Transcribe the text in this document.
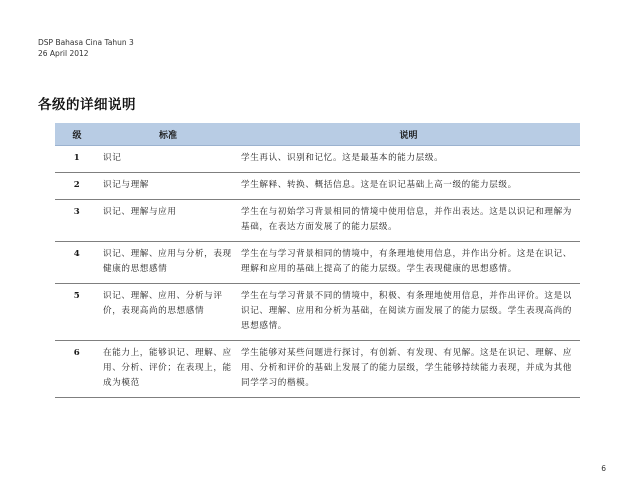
DSP Bahasa Cina Tahun 3
26 April 2012
各级的详细说明
级	标准	说明
1	识记	学生再认、识别和记忆。这是最基本的能力层级。
2	识记与理解	学生解释、转换、概括信息。这是在识记基础上高一级的能力层级。
3	识记、理解与应用	学生在与初始学习背景相同的情境中使用信息，并作出表达。这是以识记和理解为基础，在表达方面发展了的能力层级。
4	识记、理解、应用与分析，表现健康的思想感情	学生在与学习背景相同的情境中，有条理地使用信息，并作出分析。这是在识记、理解和应用的基础上提高了的能力层级。学生表现健康的思想感情。
5	识记、理解、应用、分析与评价，表现高尚的思想感情	学生在与学习背景不同的情境中，积极、有条理地使用信息，并作出评价。这是以识记、理解、应用和分析为基础，在阅读方面发展了的能力层级。学生表现高尚的思想感情。
6	在能力上，能够识记、理解、应用、分析、评价；在表现上，能成为模范	学生能够对某些问题进行探讨，有创新、有发现、有见解。这是在识记、理解、应用、分析和评价的基础上发展了的能力层级，学生能够持续能力表现，并成为其他同学学习的楷模。
6
